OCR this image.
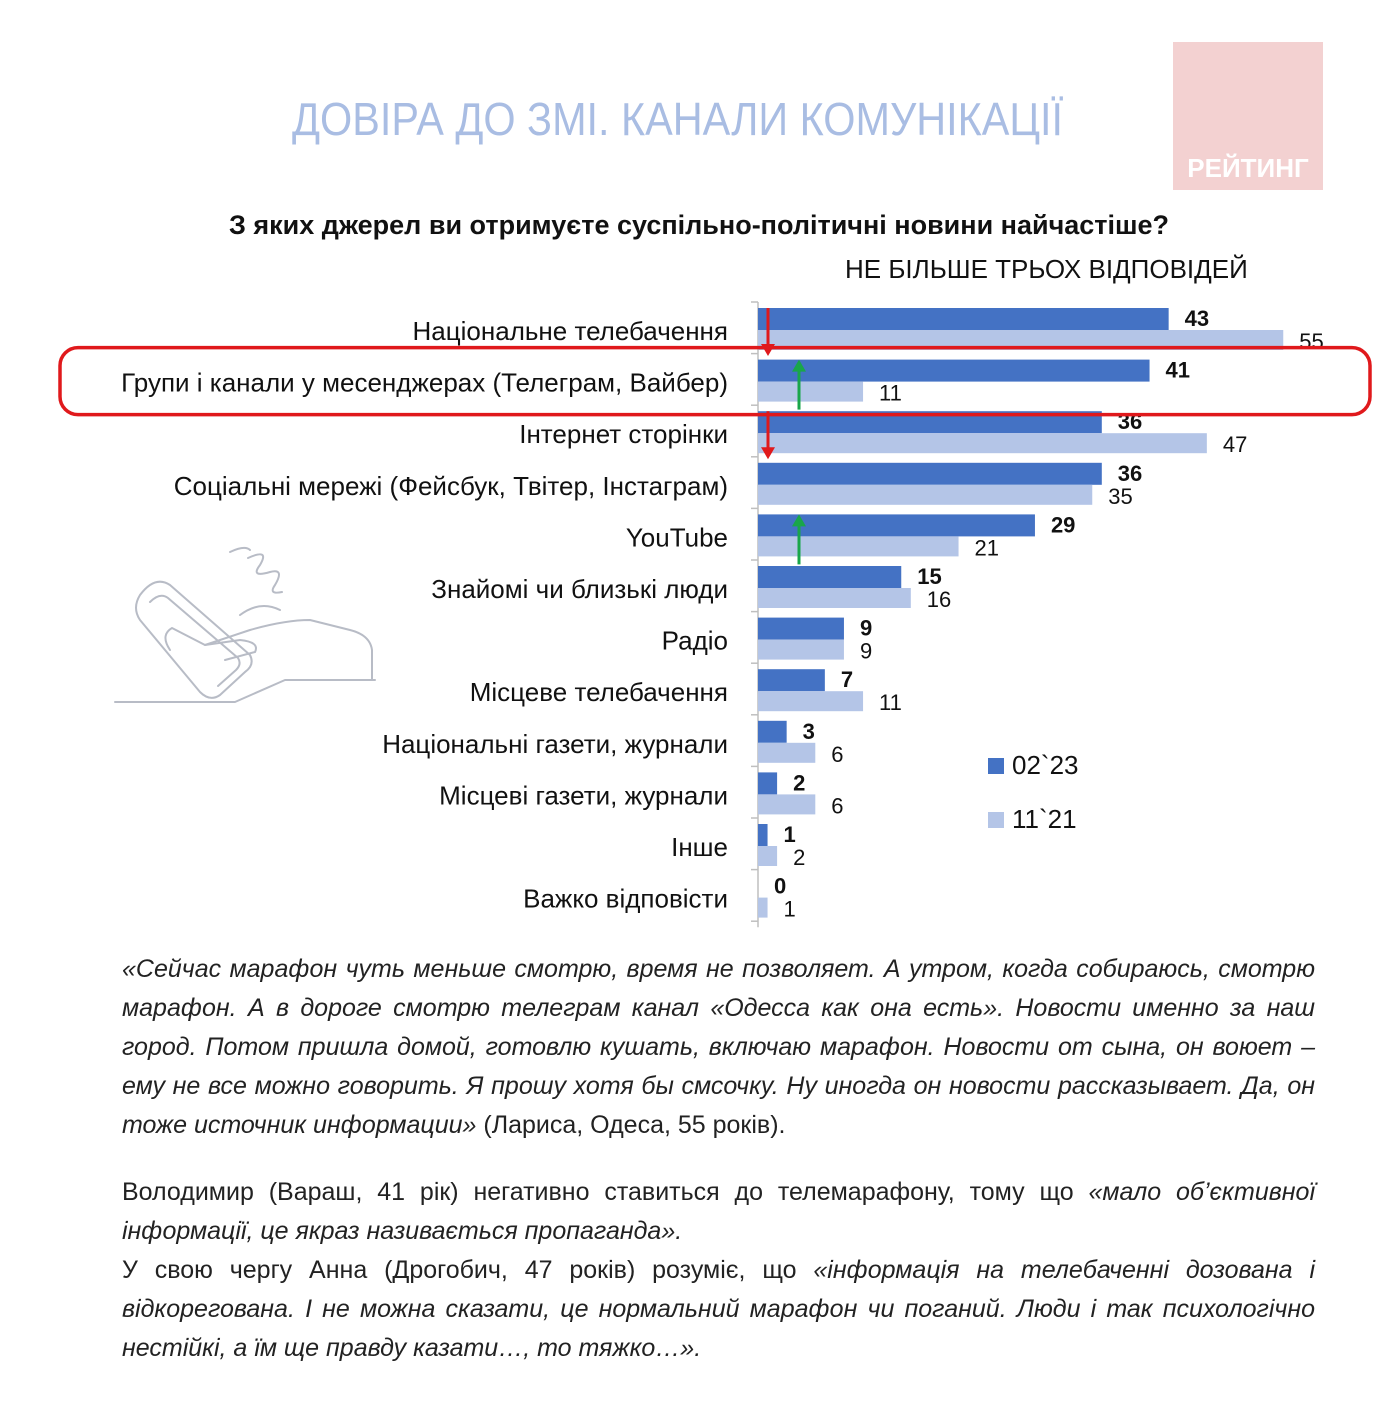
ДОВІРА ДО ЗМІ. КАНАЛИ КОМУНІКАЦІЇ
РЕЙТИНГ
З яких джерел ви отримуєте суспільно-політичні новини найчастіше?
НЕ БІЛЬШЕ ТРЬОХ ВІДПОВІДЕЙ
Національне телебачення	43
55
Групи і канали у месенджерах (Телеграм, Вайбер)	41
11
Інтернет сторінки	36
47
Соціальні мережі (Фейсбук, Твітер, Інстаграм)	36
35
YouTube	29
21
Знайомі чи близькі люди	15
16
Радіо	9
9
Місцеве телебачення	7
11
Національні газети, журнали	3
6
Місцеві газети, журнали	2
6
Інше	1
2
Важко відповісти 0
1
02`23
11`21
«Сейчас марафон чуть меньше смотрю, время не позволяет. А утром, когда собираюсь, смотрю марафон. А в дороге смотрю телеграм канал «Одесса как она есть». Новости именно за наш город. Потом пришла домой, готовлю кушать, включаю марафон. Новости от сына, он воюет – ему не все можно говорить. Я прошу хотя бы смсочку. Ну иногда он новости рассказывает. Да, он тоже источник информации» (Лариса, Одеса, 55 років).
Володимир (Вараш, 41 рік) негативно ставиться до телемарафону, тому що «мало об’єктивної інформації, це якраз називається пропаганда».
У свою чергу Анна (Дрогобич, 47 років) розуміє, що «інформація на телебаченні дозована і відкорегована. І не можна сказати, це нормальний марафон чи поганий. Люди і так психологічно нестійкі, а їм ще правду казати…, то тяжко…».
